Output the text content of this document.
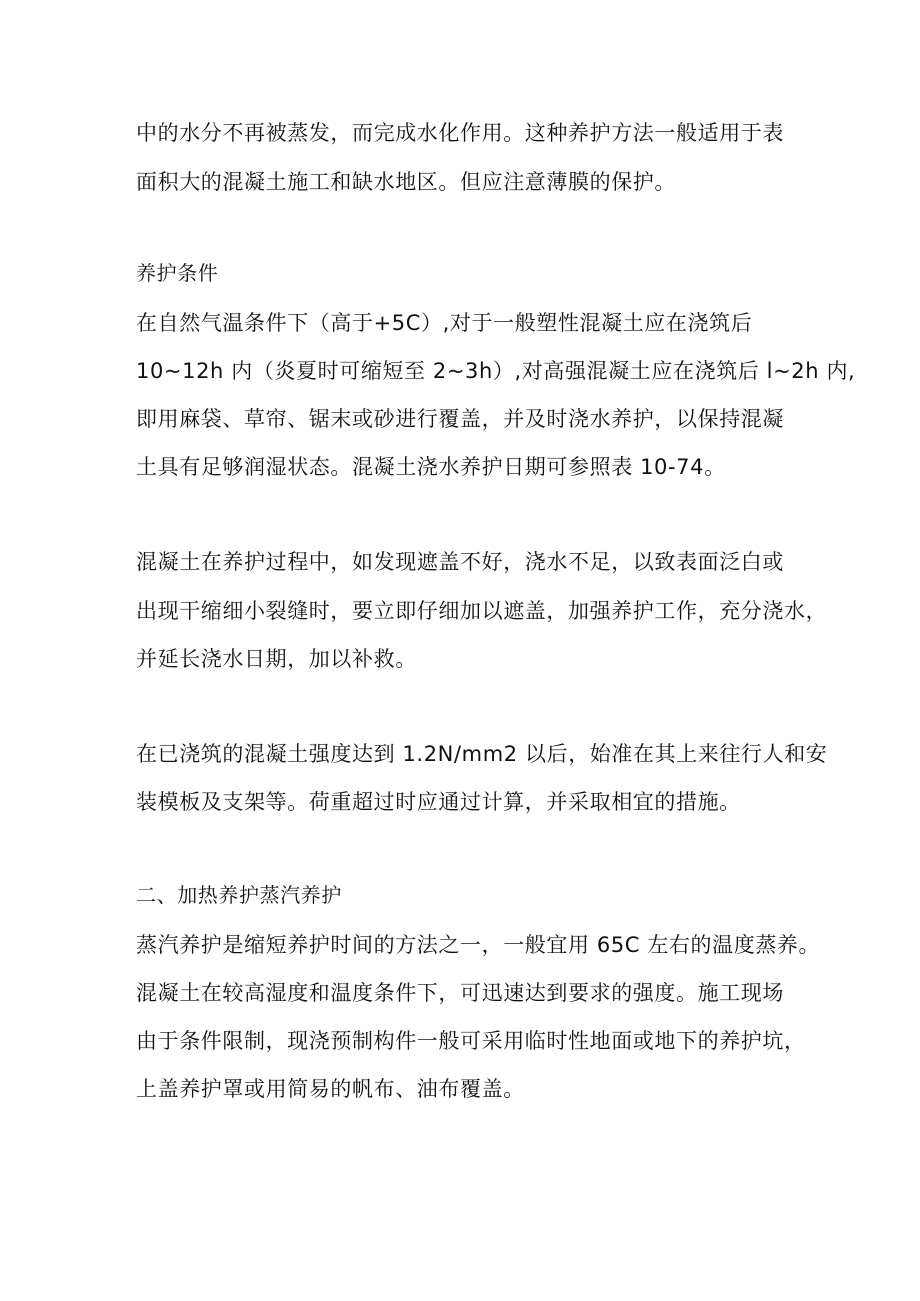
中的水分不再被蒸发，而完成水化作用。这种养护方法一般适用于表
面积大的混凝土施工和缺水地区。但应注意薄膜的保护。
养护条件
在自然气温条件下（高于+5C）,对于一般塑性混凝土应在浇筑后
10~12h 内（炎夏时可缩短至 2~3h）,对高强混凝土应在浇筑后 l~2h 内,
即用麻袋、草帘、锯末或砂进行覆盖，并及时浇水养护，以保持混凝
土具有足够润湿状态。混凝土浇水养护日期可参照表 10-74。
混凝土在养护过程中，如发现遮盖不好，浇水不足，以致表面泛白或
出现干缩细小裂缝时，要立即仔细加以遮盖，加强养护工作，充分浇水，
并延长浇水日期，加以补救。
在已浇筑的混凝土强度达到 1.2N/mm2 以后，始准在其上来往行人和安
装模板及支架等。荷重超过时应通过计算，并采取相宜的措施。
二、加热养护蒸汽养护
蒸汽养护是缩短养护时间的方法之一，一般宜用 65C 左右的温度蒸养。
混凝土在较高湿度和温度条件下，可迅速达到要求的强度。施工现场
由于条件限制，现浇预制构件一般可采用临时性地面或地下的养护坑，
上盖养护罩或用简易的帆布、油布覆盖。
